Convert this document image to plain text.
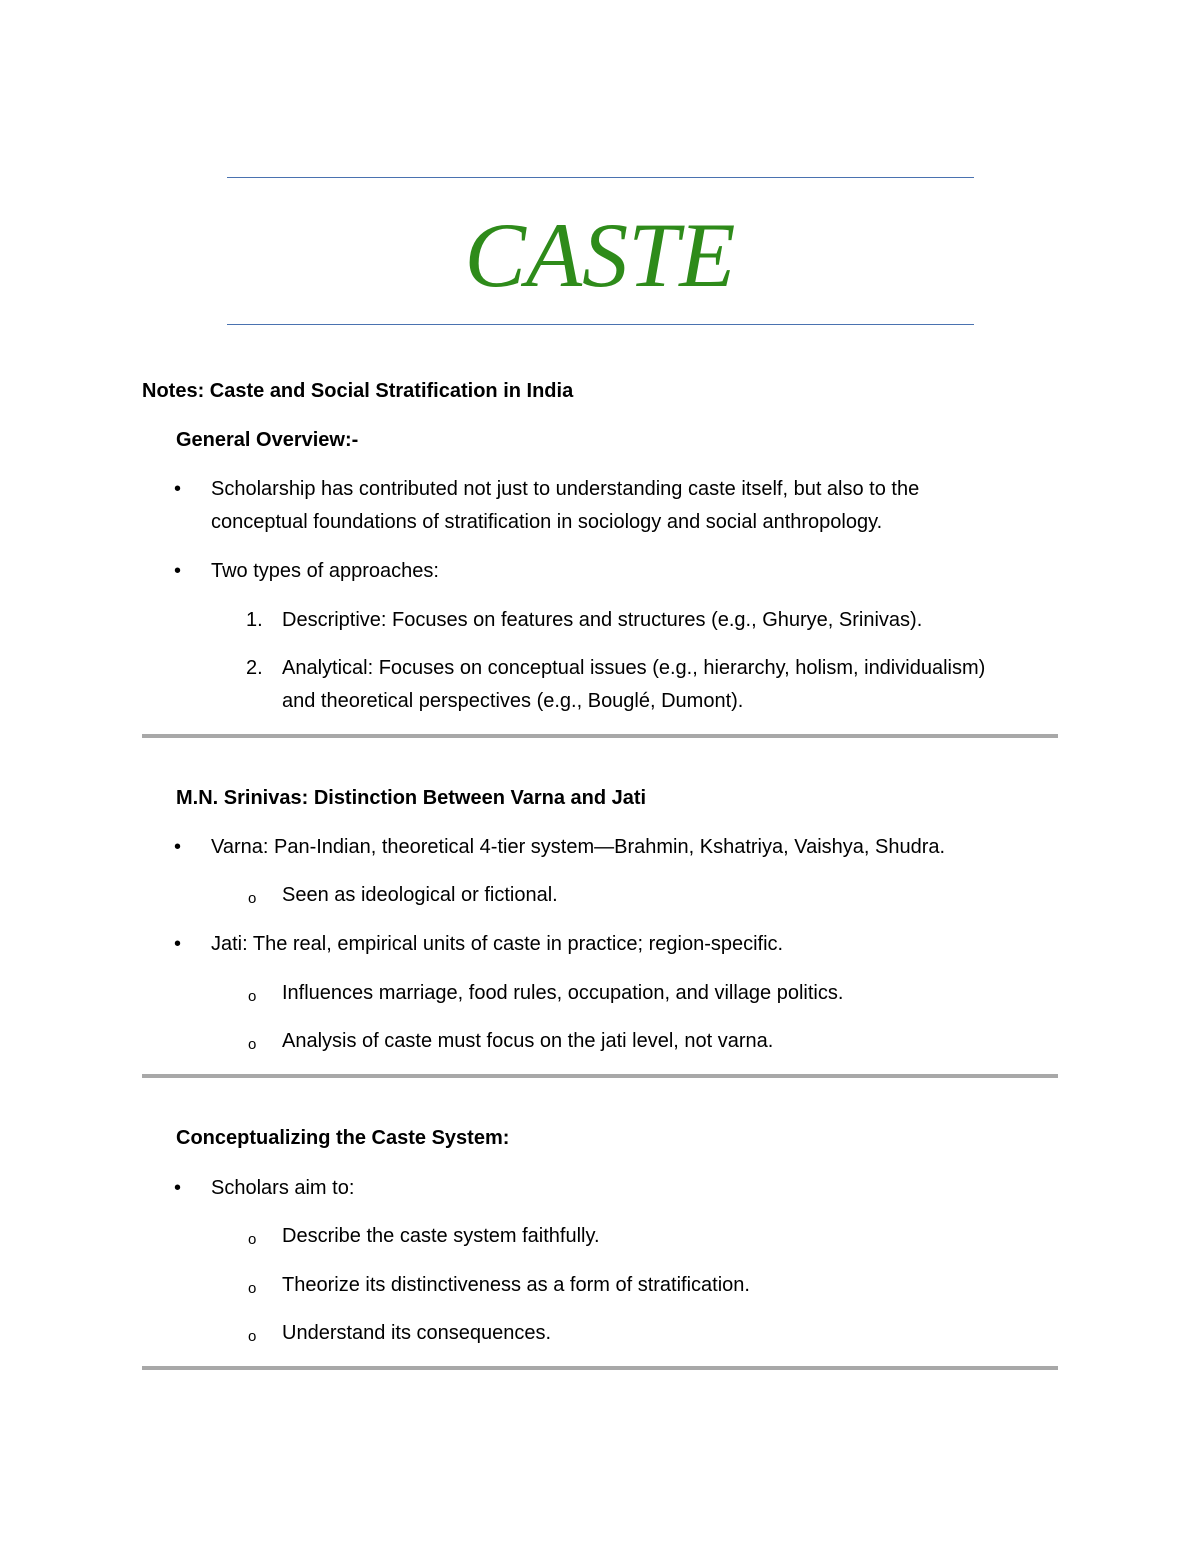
CASTE
Notes: Caste and Social Stratification in India
General Overview:-
• Scholarship has contributed not just to understanding caste itself, but also to the
conceptual foundations of stratification in sociology and social anthropology.
• Two types of approaches:
1. Descriptive: Focuses on features and structures (e.g., Ghurye, Srinivas).
2. Analytical: Focuses on conceptual issues (e.g., hierarchy, holism, individualism)
and theoretical perspectives (e.g., Bouglé, Dumont).
M.N. Srinivas: Distinction Between Varna and Jati
• Varna: Pan-Indian, theoretical 4-tier system—Brahmin, Kshatriya, Vaishya, Shudra.
o Seen as ideological or fictional.
• Jati: The real, empirical units of caste in practice; region-specific.
o Influences marriage, food rules, occupation, and village politics.
o Analysis of caste must focus on the jati level, not varna.
Conceptualizing the Caste System:
• Scholars aim to:
o Describe the caste system faithfully.
o Theorize its distinctiveness as a form of stratification.
o Understand its consequences.
